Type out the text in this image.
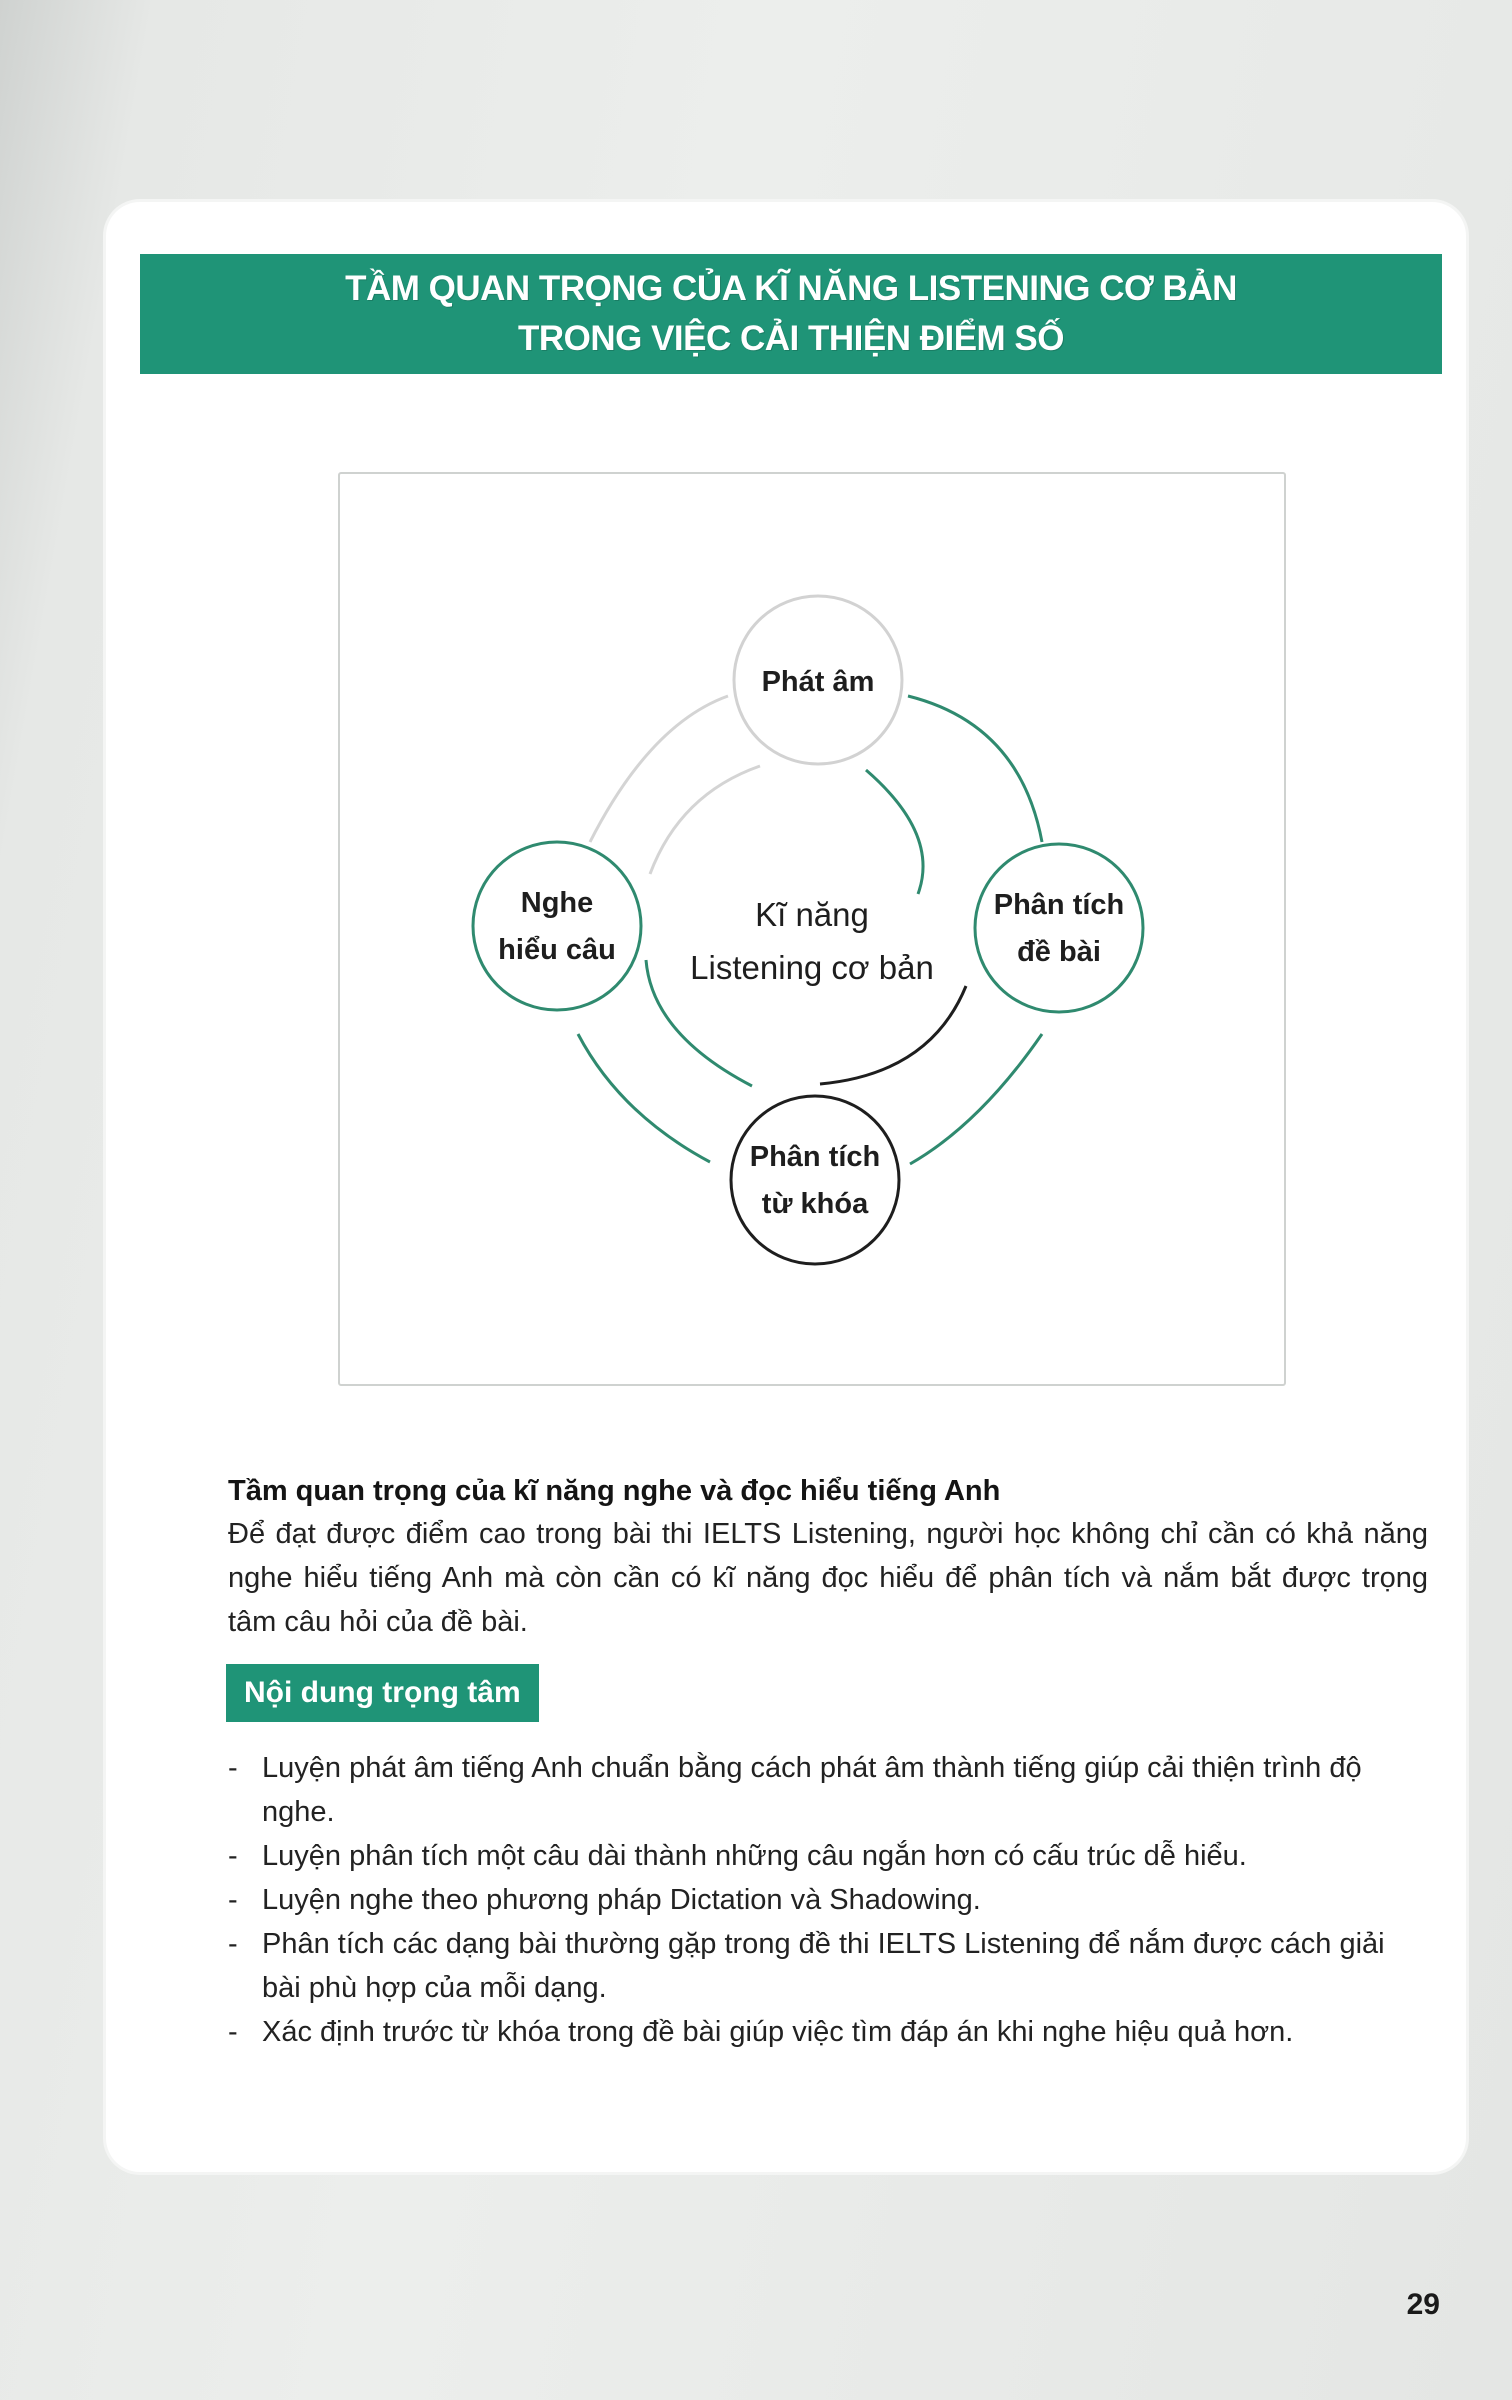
TẦM QUAN TRỌNG CỦA KĨ NĂNG LISTENING CƠ BẢN
TRONG VIỆC CẢI THIỆN ĐIỂM SỐ
Phát âm
Phân tích
đề bài
Phân tích
từ khóa
Nghe
hiểu câu
Kĩ năng
Listening cơ bản

Tầm quan trọng của kĩ năng nghe và đọc hiểu tiếng Anh

Để đạt được điểm cao trong bài thi IELTS Listening, người học không chỉ cần có khả năng nghe hiểu tiếng Anh mà còn cần có kĩ năng đọc hiểu để phân tích và nắm bắt được trọng tâm câu hỏi của đề bài.

Nội dung trọng tâm
- Luyện phát âm tiếng Anh chuẩn bằng cách phát âm thành tiếng giúp cải thiện trình độ nghe.
- Luyện phân tích một câu dài thành những câu ngắn hơn có cấu trúc dễ hiểu.
- Luyện nghe theo phương pháp Dictation và Shadowing.
- Phân tích các dạng bài thường gặp trong đề thi IELTS Listening để nắm được cách giải bài phù hợp của mỗi dạng.
- Xác định trước từ khóa trong đề bài giúp việc tìm đáp án khi nghe hiệu quả hơn.
29
